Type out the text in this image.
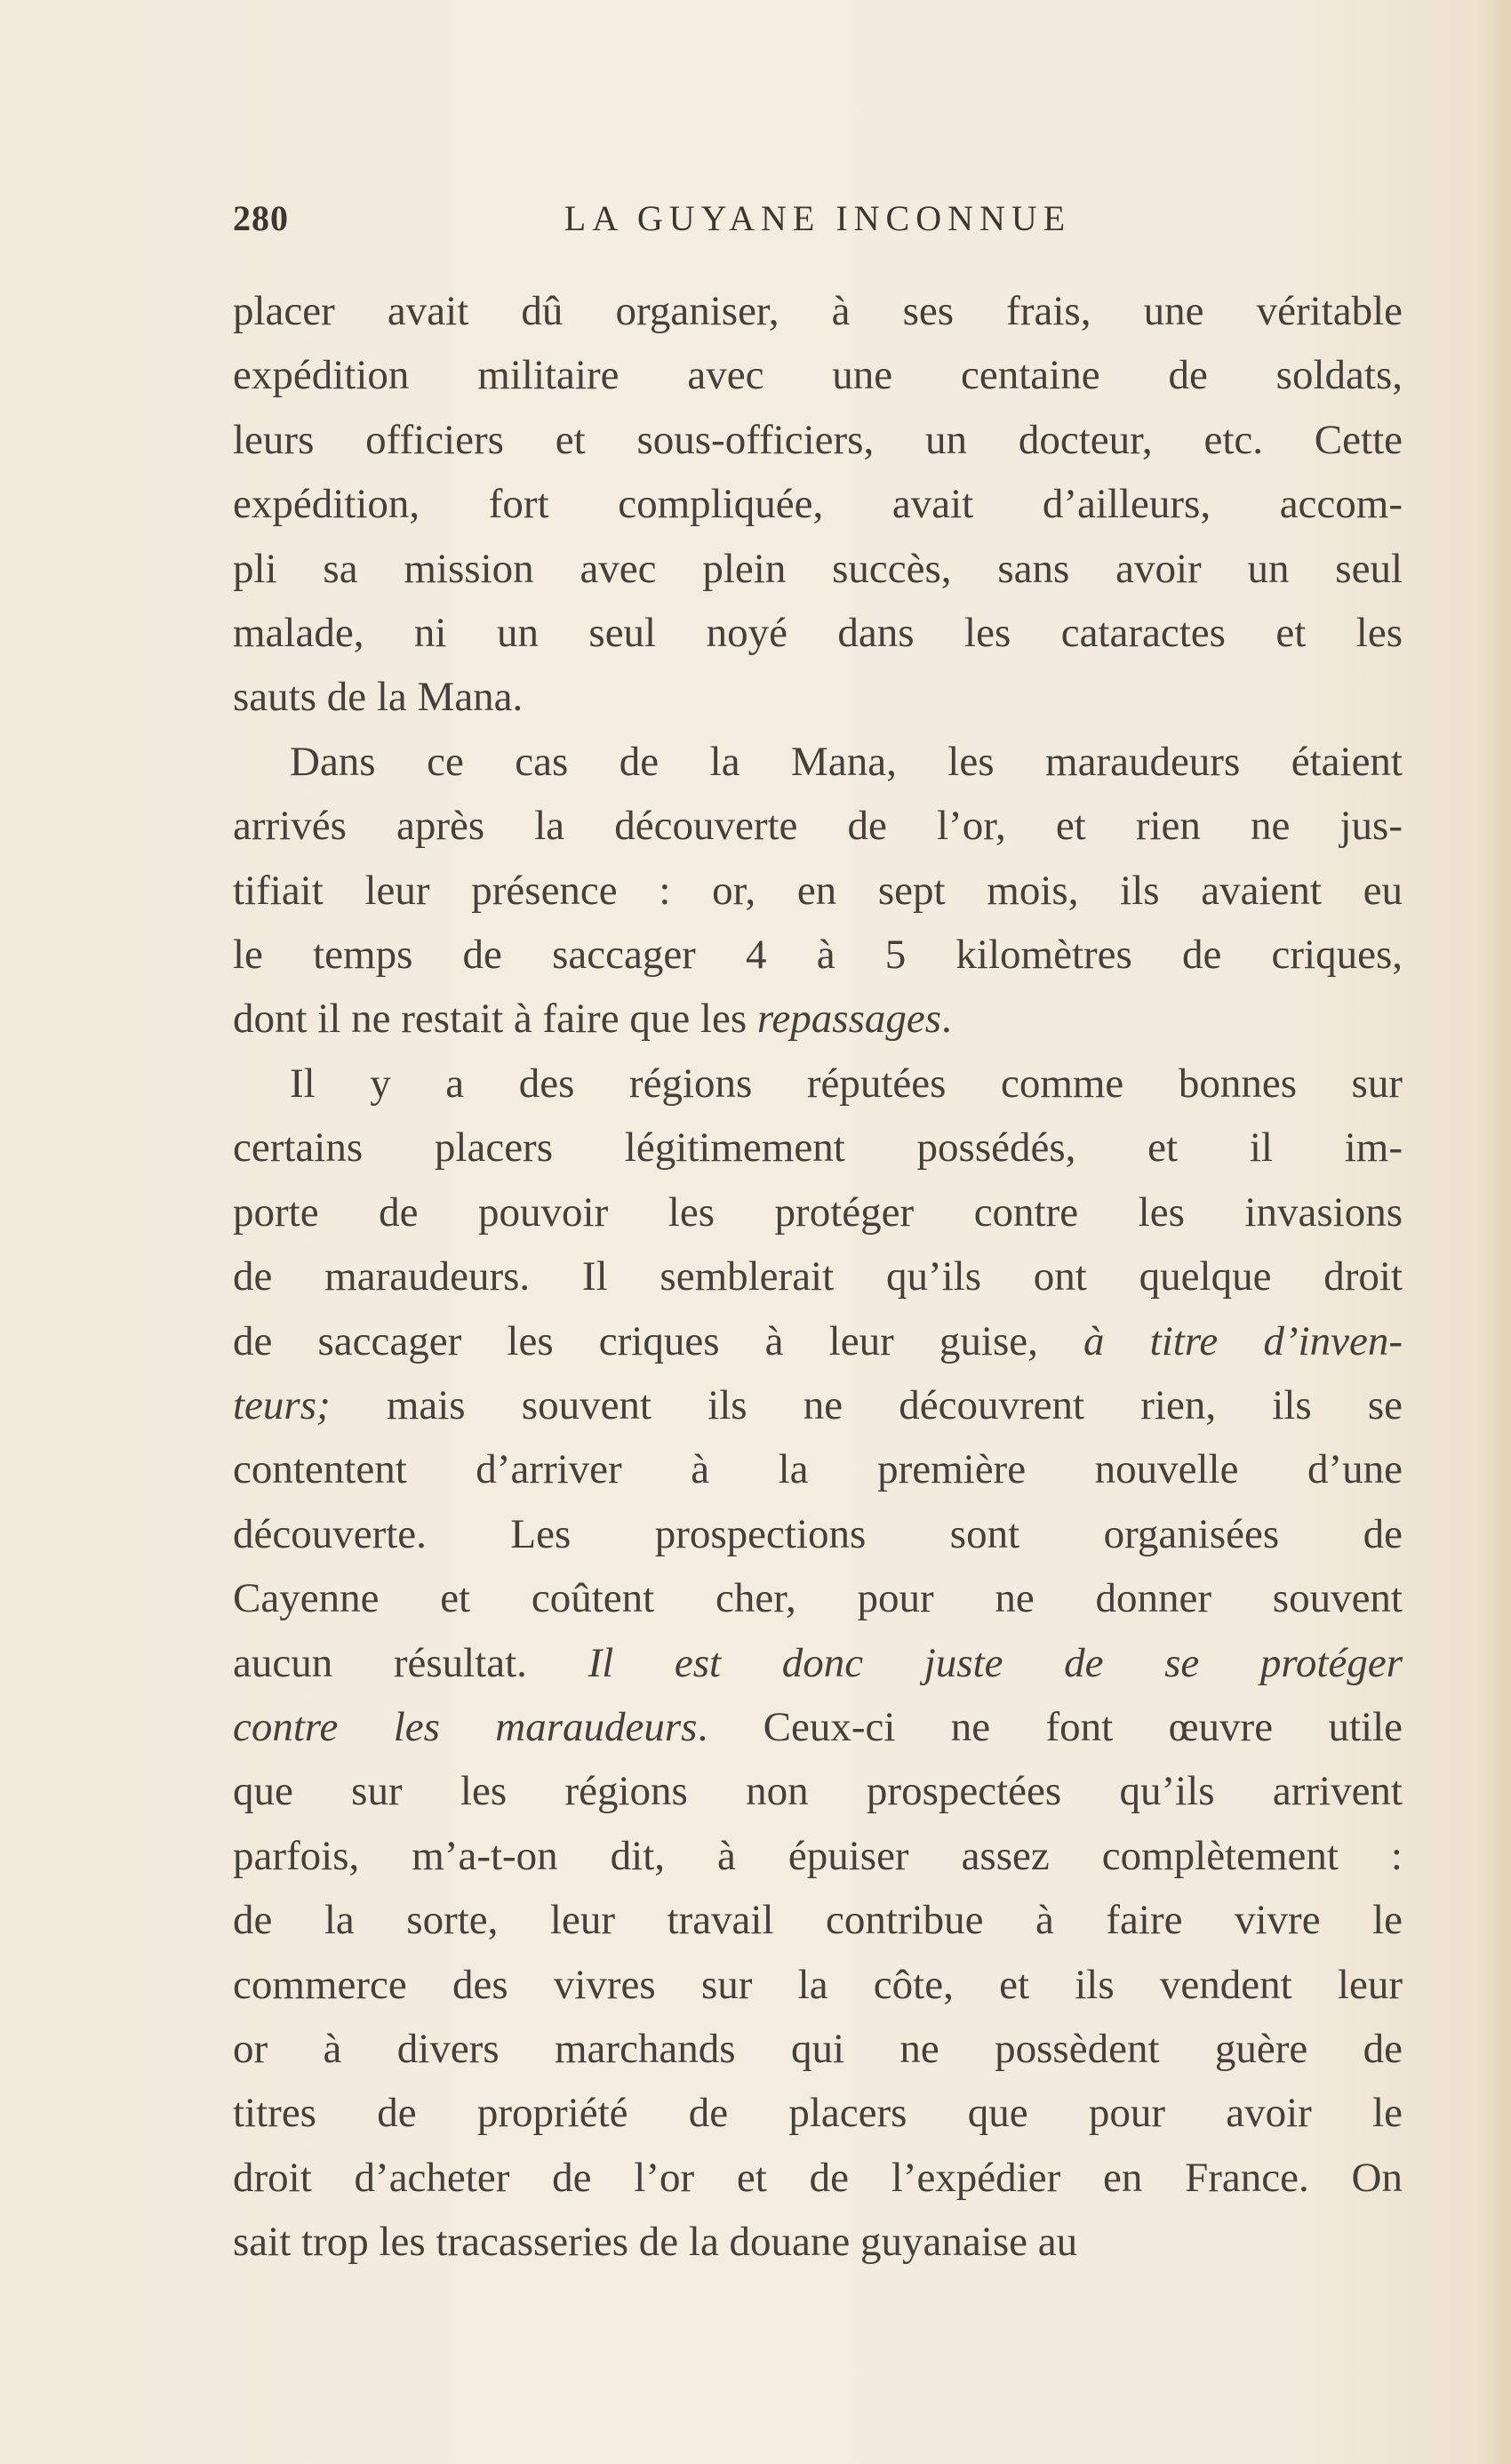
280	LA GUYANE INCONNUE
placer avait dû organiser, à ses frais, une véritable
expédition militaire avec une centaine de soldats,
leurs officiers et sous-officiers, un docteur, etc. Cette
expédition, fort compliquée, avait d’ailleurs, accom-
pli sa mission avec plein succès, sans avoir un seul
malade, ni un seul noyé dans les cataractes et les
sauts de la Mana.
Dans ce cas de la Mana, les maraudeurs étaient
arrivés après la découverte de l’or, et rien ne jus-
tifiait leur présence : or, en sept mois, ils avaient eu
le temps de saccager 4 à 5 kilomètres de criques,
dont il ne restait à faire que les repassages.
Il y a des régions réputées comme bonnes sur
certains placers légitimement possédés, et il im-
porte de pouvoir les protéger contre les invasions
de maraudeurs. Il semblerait qu’ils ont quelque droit
de saccager les criques à leur guise, à titre d’inven-
teurs; mais souvent ils ne découvrent rien, ils se
contentent d’arriver à la première nouvelle d’une
découverte. Les prospections sont organisées de
Cayenne et coûtent cher, pour ne donner souvent
aucun résultat. Il est donc juste de se protéger
contre les maraudeurs. Ceux-ci ne font œuvre utile
que sur les régions non prospectées qu’ils arrivent
parfois, m’a-t-on dit, à épuiser assez complètement :
de la sorte, leur travail contribue à faire vivre le
commerce des vivres sur la côte, et ils vendent leur
or à divers marchands qui ne possèdent guère de
titres de propriété de placers que pour avoir le
droit d’acheter de l’or et de l’expédier en France. On
sait trop les tracasseries de la douane guyanaise au
